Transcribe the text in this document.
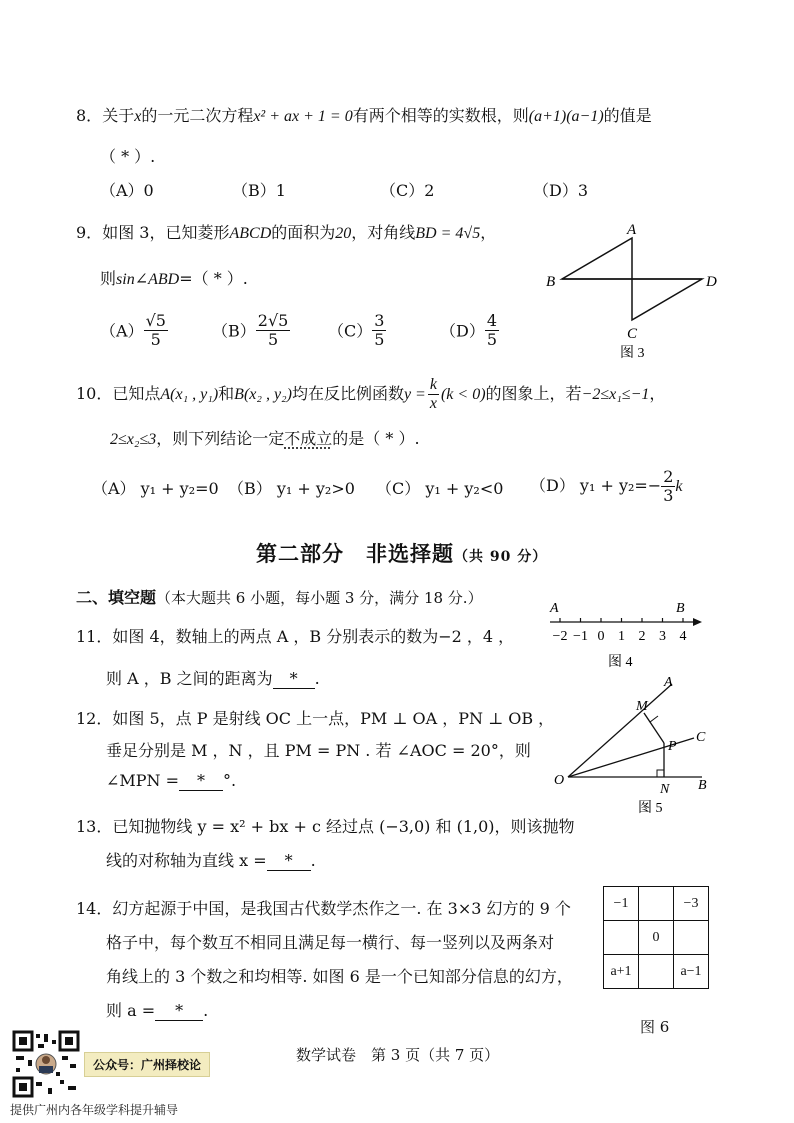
8．关于x的一元二次方程x² + ax + 1 = 0有两个相等的实数根，则(a+1)(a−1)的值是
（ * ）.
（A）0	（B）1	（C）2	（D）3
9．如图 3，已知菱形ABCD的面积为20，对角线BD = 4√5，
则sin∠ABD=（ * ）.
$(A) \frac{√5}{5}$	$(B) \frac{2√5}{5} (C) \frac{3}{5}$	$(D) \frac{4}{5}$
A
B
C
D
图 3
10．已知点A(x₁ , y₁)和B(x₂ , y₂)均在反比例函数$y = \frac{k}{x} (k < 0)$的图象上，若−2≤x₁≤−1，
2≤x₂≤3，则下列结论一定不成立的是（ * ）.
（A） y₁ + y₂=0 （B） y₁ + y₂>0 （C） y₁ + y₂<0 （D） $y_1 + y_2=- \frac{2}{3}$ k
第二部分　非选择题（共 90 分）
二、填空题（本大题共 6 小题，每小题 3 分，满分 18 分.）
11．如图 4，数轴上的两点 A ，B 分别表示的数为−2 ，4 ，
则 A ，B 之间的距离为 * .
−2 −1 0 1 2 3 4
A	B
图 4
12．如图 5，点 P 是射线 OC 上一点，PM ⊥ OA ，PN ⊥ OB ，
垂足分别是 M ，N ，且 PM = PN . 若 ∠AOC = 20°，则
∠MPN = * °.	O
A
M
C
P
N B
图 5
13．已知抛物线 y = x² + bx + c 经过点 (−3,0) 和 (1,0)，则该抛物
线的对称轴为直线 x = * .
14．幻方起源于中国，是我国古代数学杰作之一. 在 3×3 幻方的 9 个
格子中，每个数互不相同且满足每一横行、每一竖列以及两条对
角线上的 3 个数之和均相等. 如图 6 是一个已知部分信息的幻方，
则 a = * .
−1		−3
	0	
a+1		a−1
图 6
公众号：广州择校论
数学试卷　第 3 页（共 7 页）
提供广州内各年级学科提升辅导
